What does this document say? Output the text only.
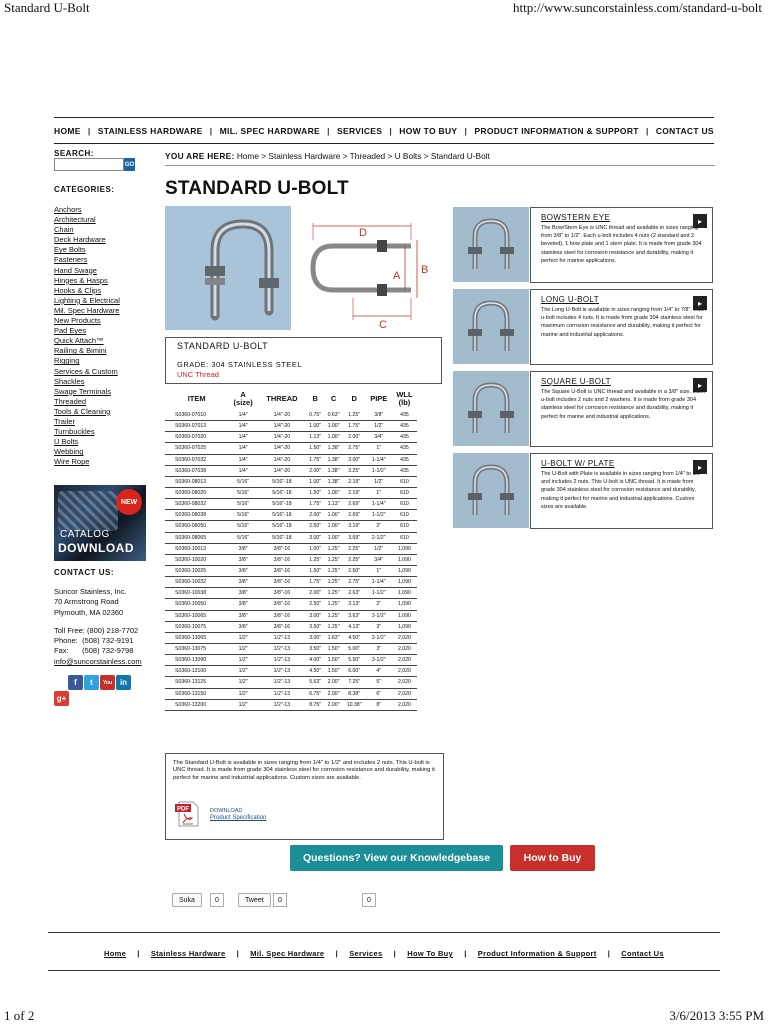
Standard U-Bolt	http://www.suncorstainless.com/standard-u-bolt
1 of 2	3/6/2013 3:55 PM
HOME | STAINLESS HARDWARE | MIL. SPEC HARDWARE | SERVICES | HOW TO BUY | PRODUCT INFORMATION & SUPPORT | CONTACT US
SEARCH:
GO
CATEGORIES:
Anchors
Architectural
Chain
Deck Hardware
Eye Bolts
Fasteners
Hand Swage
Hinges & Hasps
Hooks & Clips
Lighting & Electrical
Mil. Spec Hardware
New Products
Pad Eyes
Quick Attach™
Railing & Bimini
Rigging
Services & Custom
Shackles
Swage Terminals
Threaded
Tools & Cleaning
Trailer
Turnbuckles
U Bolts
Webbing
Wire Rope
NEW
CATALOG
DOWNLOAD
CONTACT US:
Suncor Stainless, Inc.
70 Armstrong Road
Plymouth, MA 02360
Toll Free: (800) 218-7702
Phone: (508) 732-9191
Fax: (508) 732-9798
info@suncorstainless.com
f	t	You in
g+
YOU ARE HERE: Home > Stainless Hardware > Threaded > U Bolts > Standard U-Bolt
STANDARD U-BOLT
D
A B
C
STANDARD U-BOLT
GRADE: 304 STAINLESS STEEL
UNC Thread
ITEM	A
(size)	THREAD	B	C	D	PIPE	WLL
(lb)
S0360-07010	1/4"	1/4"-20	0.75"	0.63"	1.25"	3/8"	435
S0360-07013	1/4"	1/4"-20	1.00"	1.00"	1.75"	1/2"	435
S0360-07020	1/4"	1/4"-20	1.13"	1.00"	2.00"	3/4"	435
S0360-07025	1/4"	1/4"-20	1.50"	1.38"	2.75"	1"	435
S0360-07032	1/4"	1/4"-20	1.75"	1.38"	3.00"	1-1/4"	435
S0360-07038	1/4"	1/4"-20	2.00"	1.38"	3.25"	1-1/2"	435
S0360-08013	5/16"	5/16"-18	1.00"	1.38"	2.19"	1/2"	610
S0360-08026	5/16"	5/16"-18	1.50"	1.00"	2.19"	1"	610
S0360-08032	5/16"	5/16"-18	1.75"	1.13"	2.69"	1-1/4"	610
S0360-08038	5/16"	5/16"-18	2.00"	1.00"	2.69"	1-1/2"	610
S0360-08050	5/16"	5/16"-18	2.50"	1.00"	3.19"	2"	610
S0360-08065	5/16"	5/16"-18	3.00"	1.00"	3.69"	2-1/2"	610
S0360-10013	3/8"	3/8"-16	1.00"	1.25"	2.25"	1/2"	1,090
S0360-10020	3/8"	3/8"-16	1.25"	1.25"	2.25"	3/4"	1,090
S0360-10025	3/8"	3/8"-16	1.50"	1.25"	2.50"	1"	1,090
S0360-10032	3/8"	3/8"-16	1.75"	1.25"	2.75"	1-1/4"	1,090
S0360-10038	3/8"	3/8"-16	2.00"	1.25"	2.63"	1-1/2"	1,090
S0360-10050	3/8"	3/8"-16	2.50"	1.25"	3.13"	2"	1,090
S0360-10065	3/8"	3/8"-16	3.00"	1.25"	3.63"	2-1/2"	1,090
S0360-10075	3/8"	3/8"-16	3.50"	1.25"	4.13"	3"	1,090
S0360-13065	1/2"	1/2"-13	3.00"	1.63"	4.50"	2-1/2"	2,020
S0360-13075	1/2"	1/2"-13	3.50"	1.50"	5.00"	3"	2,020
S0360-13090	1/2"	1/2"-13	4.00"	1.50"	5.50"	3-1/2"	2,020
S0360-13100	1/2"	1/2"-13	4.50"	1.50"	6.00"	4"	2,020
S0360-13125	1/2"	1/2"-13	5.63"	2.00"	7.25"	5"	2,020
S0360-13150	1/2"	1/2"-13	6.75"	2.00"	8.38"	6"	2,020
S0360-13200	1/2"	1/2"-13	8.75"	2.00"	10.38"	8"	2,020
The Standard U-Bolt is available in sizes ranging from 1/4" to 1/2" and includes 2 nuts. This U-bolt is UNC thread. It is made from grade 304 stainless steel for corrosion resistance and durability, making it perfect for marine and industrial applications. Custom sizes are available.
PDF
Adobe
DOWNLOAD
Product Specification
BOWSTERN EYE	▸
The Bow/Stern Eye is UNC thread and available in sizes ranging from 3/8" to 1/2". Each u-bolt includes 4 nuts (2 standard and 2 beveled), 1 bow plate and 1 stern plate. It is made from grade 304 stainless steel for corrosion resistance and durability, making it perfect for marine applications.
LONG U-BOLT	▸
The Long U-Bolt is available in sizes ranging from 1/4" to 7/8". Each u-bolt includes 4 nuts. It is made from grade 304 stainless steel for maximum corrosion resistance and durability, making it perfect for marine and industrial applications.
SQUARE U-BOLT	▸
The Square U-Bolt is UNC thread and available in a 3/8" size. Each u-bolt includes 2 nuts and 2 washers. It is made from grade 304 stainless steel for corrosion resistance and durability, making it perfect for marine and industrial applications.
U-BOLT W/ PLATE	▸
The U-Bolt with Plate is available in sizes ranging from 1/4" to 1/2" and includes 2 nuts. This U-bolt is UNC thread. It is made from grade 304 stainless steel for corrosion resistance and durability, making it perfect for marine and industrial applications. Custom sizes are available.
Questions? View our Knowledgebase	How to Buy
Suka	0	Tweet	0	0
Home | Stainless Hardware | Mil. Spec Hardware | Services | How To Buy | Product Information & Support | Contact Us
